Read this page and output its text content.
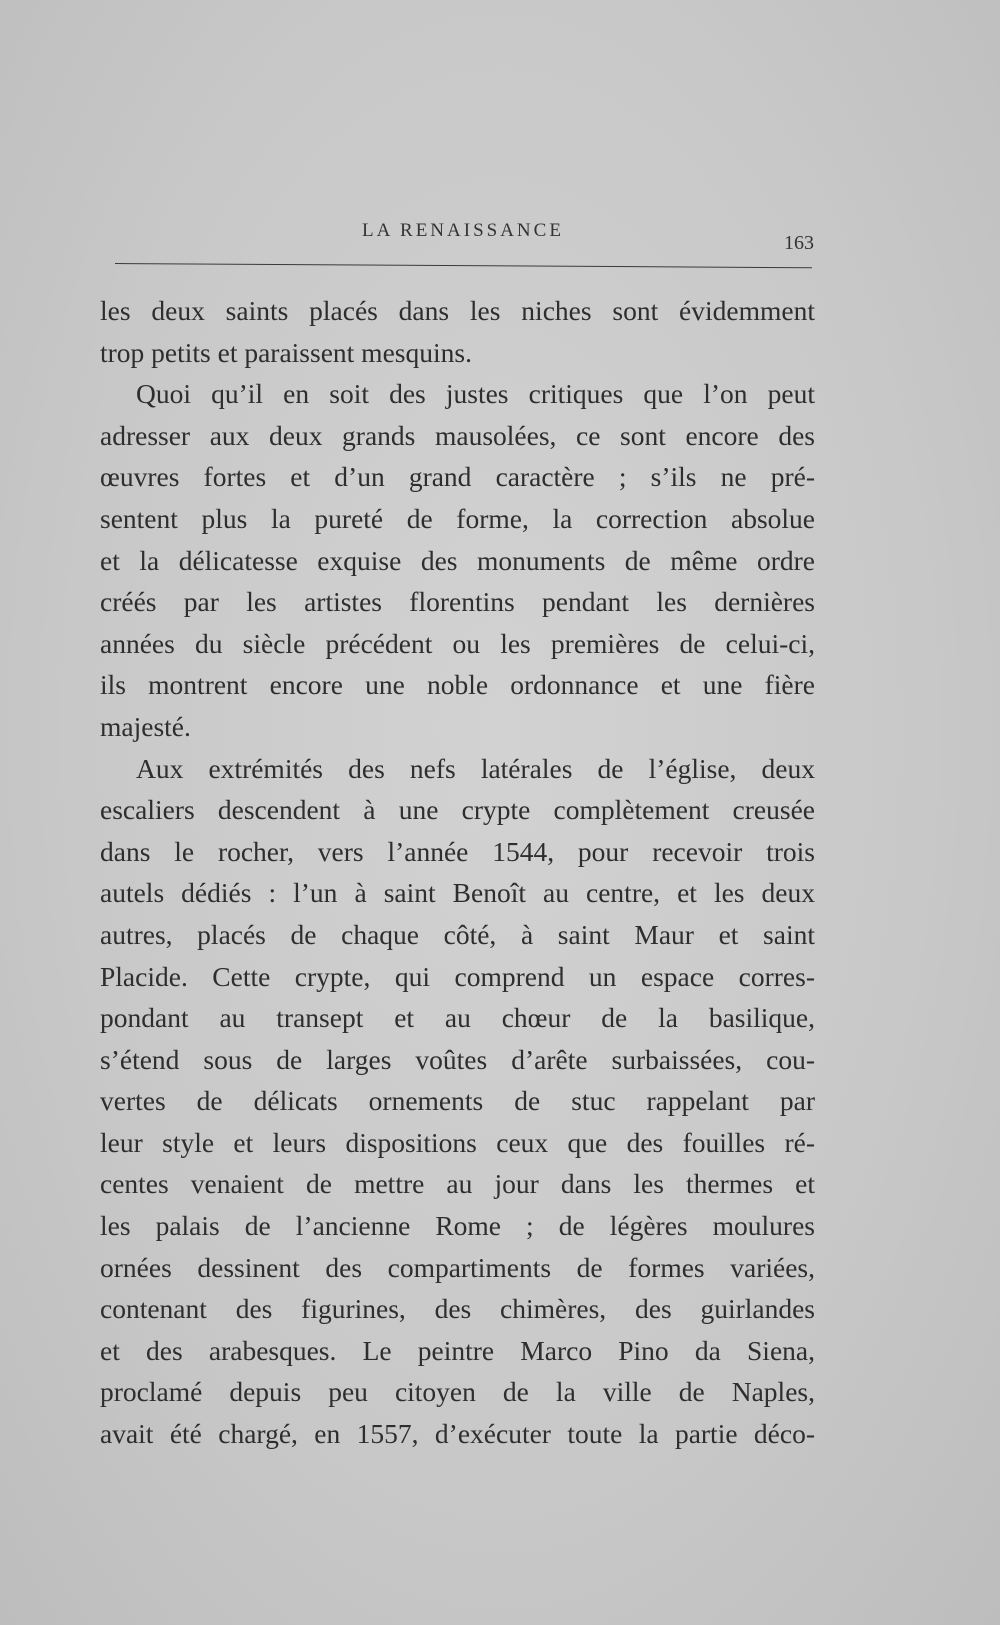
LA RENAISSANCE
163
les deux saints placés dans les niches sont évidemment
trop petits et paraissent mesquins.
Quoi qu’il en soit des justes critiques que l’on peut
adresser aux deux grands mausolées, ce sont encore des
œuvres fortes et d’un grand caractère ; s’ils ne pré-
sentent plus la pureté de forme, la correction absolue
et la délicatesse exquise des monuments de même ordre
créés par les artistes florentins pendant les dernières
années du siècle précédent ou les premières de celui-ci,
ils montrent encore une noble ordonnance et une fière
majesté.
Aux extrémités des nefs latérales de l’église, deux
escaliers descendent à une crypte complètement creusée
dans le rocher, vers l’année 1544, pour recevoir trois
autels dédiés : l’un à saint Benoît au centre, et les deux
autres, placés de chaque côté, à saint Maur et saint
Placide. Cette crypte, qui comprend un espace corres-
pondant au transept et au chœur de la basilique,
s’étend sous de larges voûtes d’arête surbaissées, cou-
vertes de délicats ornements de stuc rappelant par
leur style et leurs dispositions ceux que des fouilles ré-
centes venaient de mettre au jour dans les thermes et
les palais de l’ancienne Rome ; de légères moulures
ornées dessinent des compartiments de formes variées,
contenant des figurines, des chimères, des guirlandes
et des arabesques. Le peintre Marco Pino da Siena,
proclamé depuis peu citoyen de la ville de Naples,
avait été chargé, en 1557, d’exécuter toute la partie déco-
